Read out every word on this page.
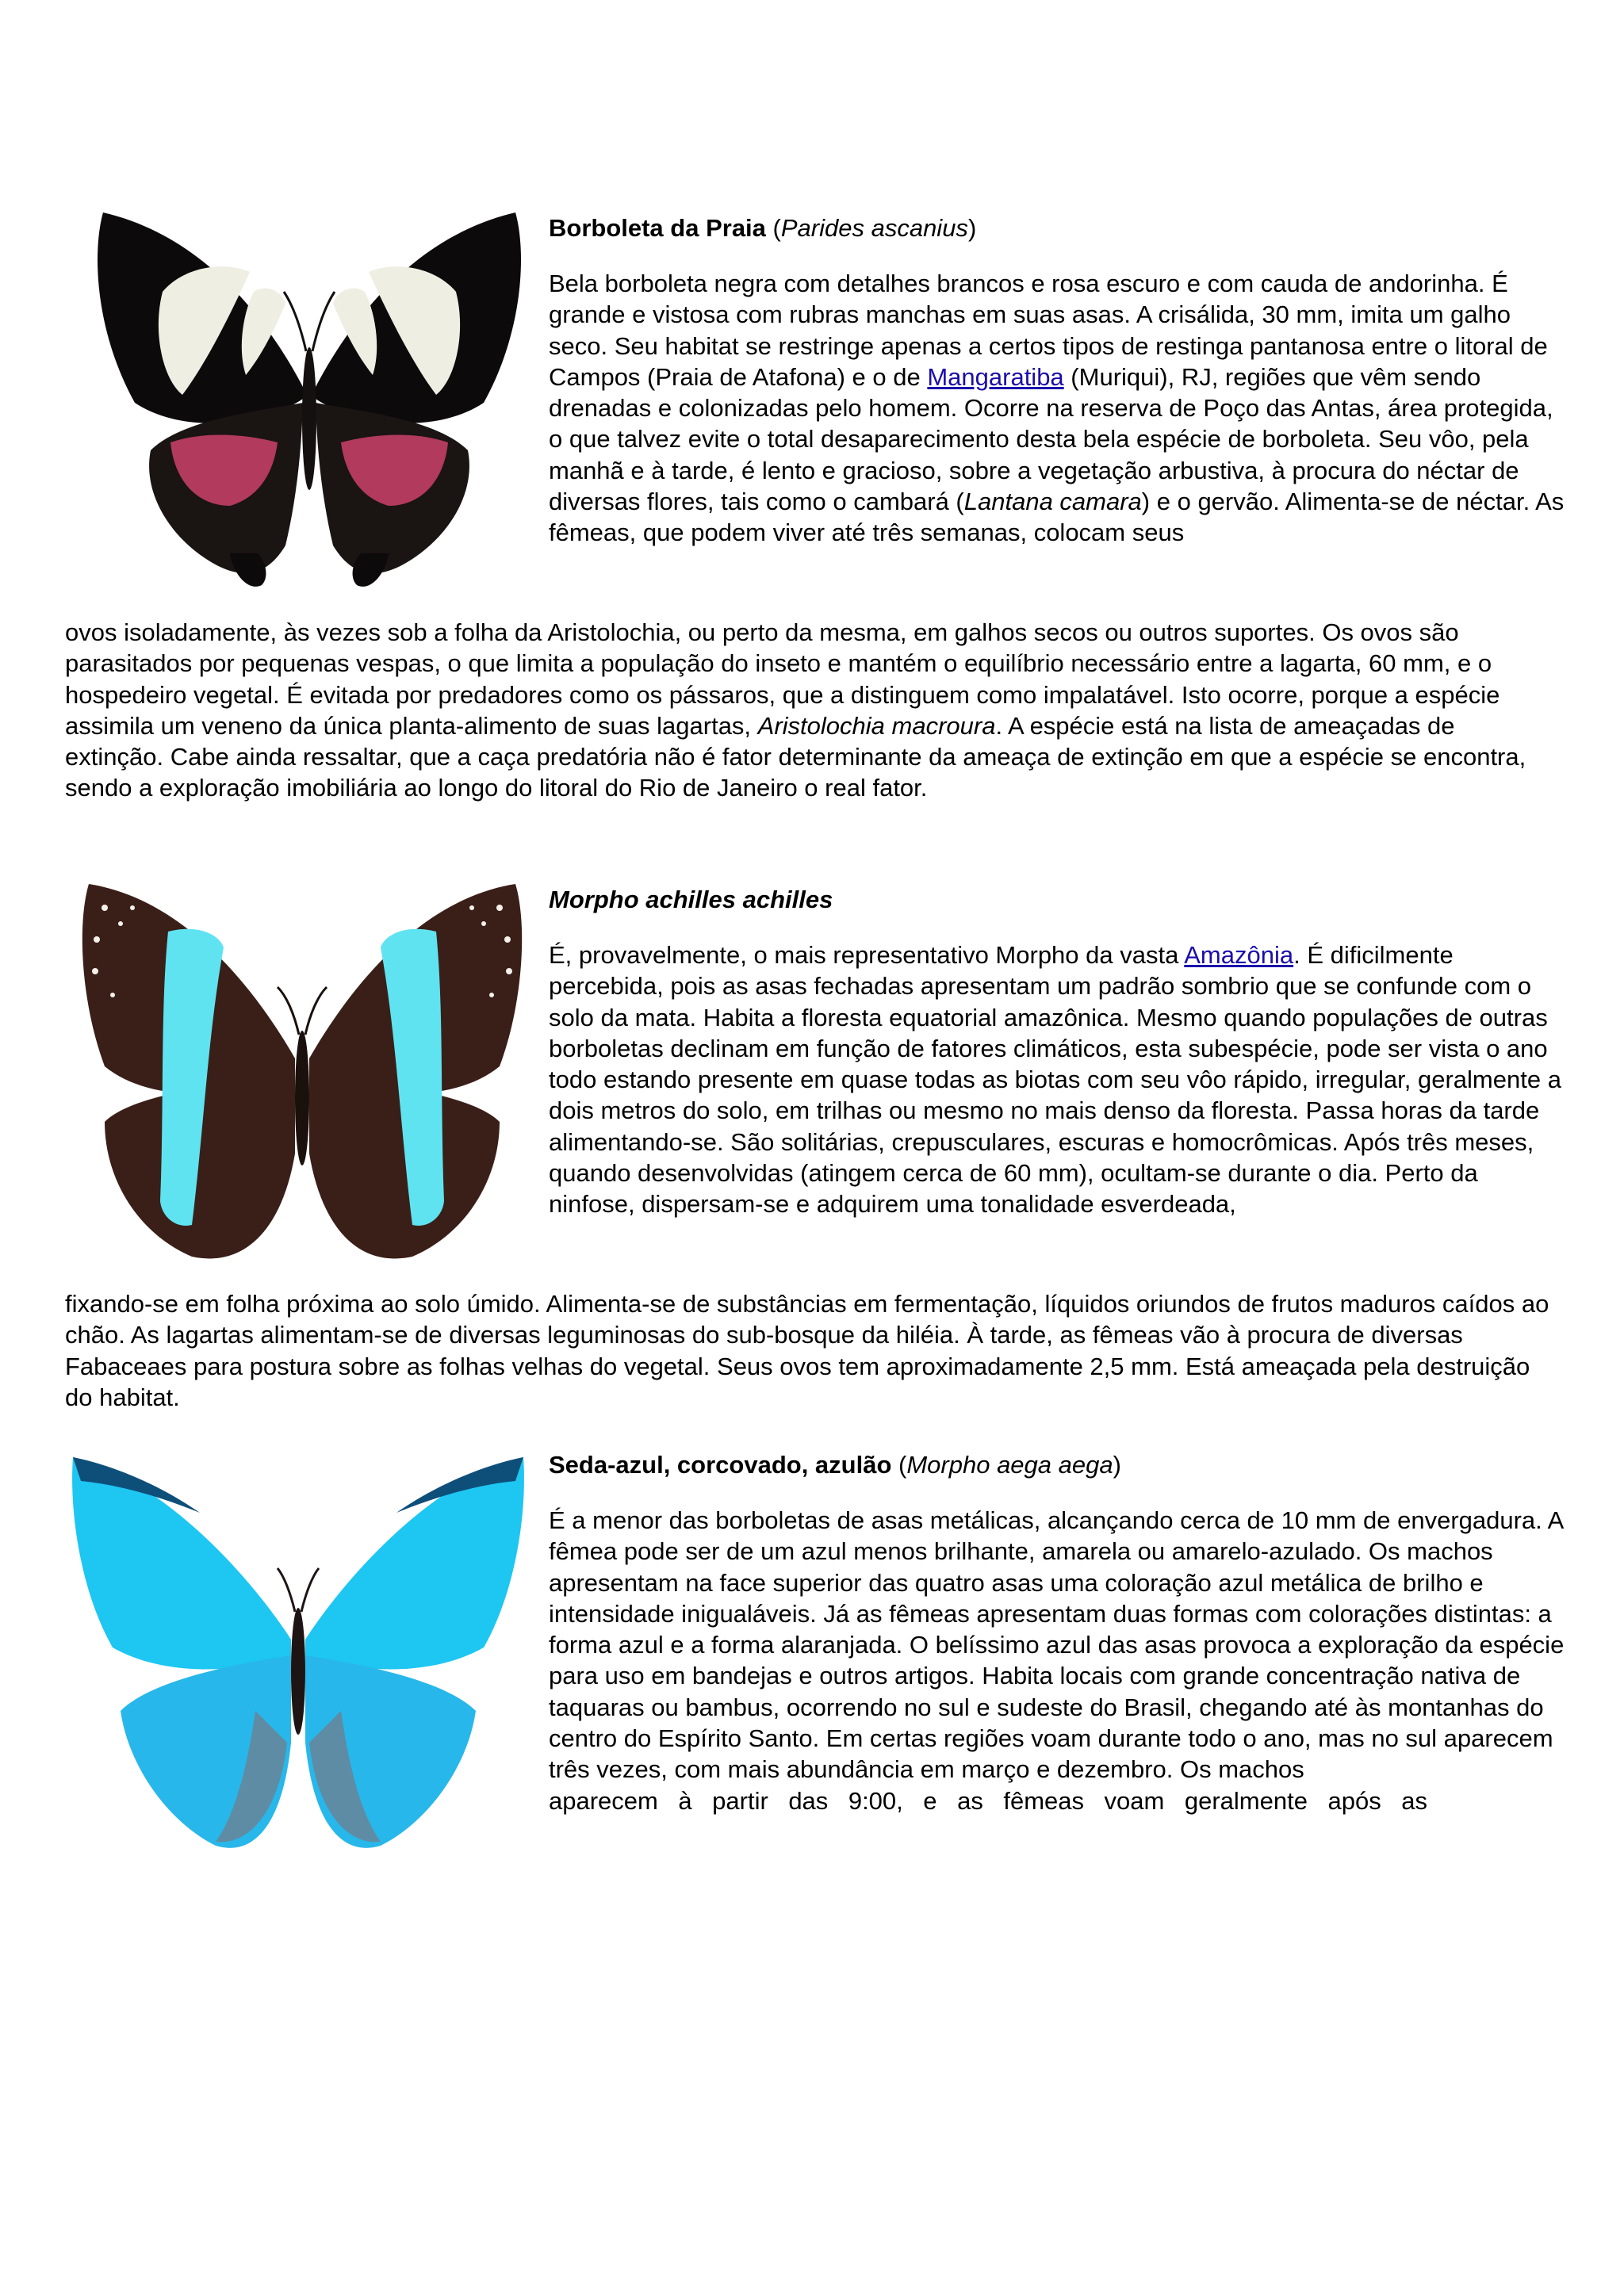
Borboleta da Praia (Parides ascanius)

Bela borboleta negra com detalhes brancos e rosa escuro e com cauda de andorinha. É grande e vistosa com rubras manchas em suas asas. A crisálida, 30 mm, imita um galho seco. Seu habitat se restringe apenas a certos tipos de restinga pantanosa entre o litoral de Campos (Praia de Atafona) e o de Mangaratiba (Muriqui), RJ, regiões que vêm sendo drenadas e colonizadas pelo homem. Ocorre na reserva de Poço das Antas, área protegida, o que talvez evite o total desaparecimento desta bela espécie de borboleta. Seu vôo, pela manhã e à tarde, é lento e gracioso, sobre a vegetação arbustiva, à procura do néctar de diversas flores, tais como o cambará (Lantana camara) e o gervão. Alimenta-se de néctar. As fêmeas, que podem viver até três semanas, colocam seus

ovos isoladamente, às vezes sob a folha da Aristolochia, ou perto da mesma, em galhos secos ou outros suportes. Os ovos são parasitados por pequenas vespas, o que limita a população do inseto e mantém o equilíbrio necessário entre a lagarta, 60 mm, e o hospedeiro vegetal. É evitada por predadores como os pássaros, que a distinguem como impalatável. Isto ocorre, porque a espécie assimila um veneno da única planta-alimento de suas lagartas, Aristolochia macroura. A espécie está na lista de ameaçadas de extinção. Cabe ainda ressaltar, que a caça predatória não é fator determinante da ameaça de extinção em que a espécie se encontra, sendo a exploração imobiliária ao longo do litoral do Rio de Janeiro o real fator.

Morpho achilles achilles

É, provavelmente, o mais representativo Morpho da vasta Amazônia. É dificilmente percebida, pois as asas fechadas apresentam um padrão sombrio que se confunde com o solo da mata. Habita a floresta equatorial amazônica. Mesmo quando populações de outras borboletas declinam em função de fatores climáticos, esta subespécie, pode ser vista o ano todo estando presente em quase todas as biotas com seu vôo rápido, irregular, geralmente a dois metros do solo, em trilhas ou mesmo no mais denso da floresta. Passa horas da tarde alimentando-se. São solitárias, crepusculares, escuras e homocrômicas. Após três meses, quando desenvolvidas (atingem cerca de 60 mm), ocultam-se durante o dia. Perto da ninfose, dispersam-se e adquirem uma tonalidade esverdeada,

fixando-se em folha próxima ao solo úmido. Alimenta-se de substâncias em fermentação, líquidos oriundos de frutos maduros caídos ao chão. As lagartas alimentam-se de diversas leguminosas do sub-bosque da hiléia. À tarde, as fêmeas vão à procura de diversas Fabaceaes para postura sobre as folhas velhas do vegetal. Seus ovos tem aproximadamente 2,5 mm. Está ameaçada pela destruição do habitat.

Seda-azul, corcovado, azulão (Morpho aega aega)

É a menor das borboletas de asas metálicas, alcançando cerca de 10 mm de envergadura. A fêmea pode ser de um azul menos brilhante, amarela ou amarelo-azulado. Os machos apresentam na face superior das quatro asas uma coloração azul metálica de brilho e intensidade inigualáveis. Já as fêmeas apresentam duas formas com colorações distintas: a forma azul e a forma alaranjada. O belíssimo azul das asas provoca a exploração da espécie para uso em bandejas e outros artigos. Habita locais com grande concentração nativa de taquaras ou bambus, ocorrendo no sul e sudeste do Brasil, chegando até às montanhas do centro do Espírito Santo. Em certas regiões voam durante todo o ano, mas no sul aparecem três vezes, com mais abundância em março e dezembro. Os machos

aparecem à partir das 9:00, e as fêmeas voam geralmente após as
